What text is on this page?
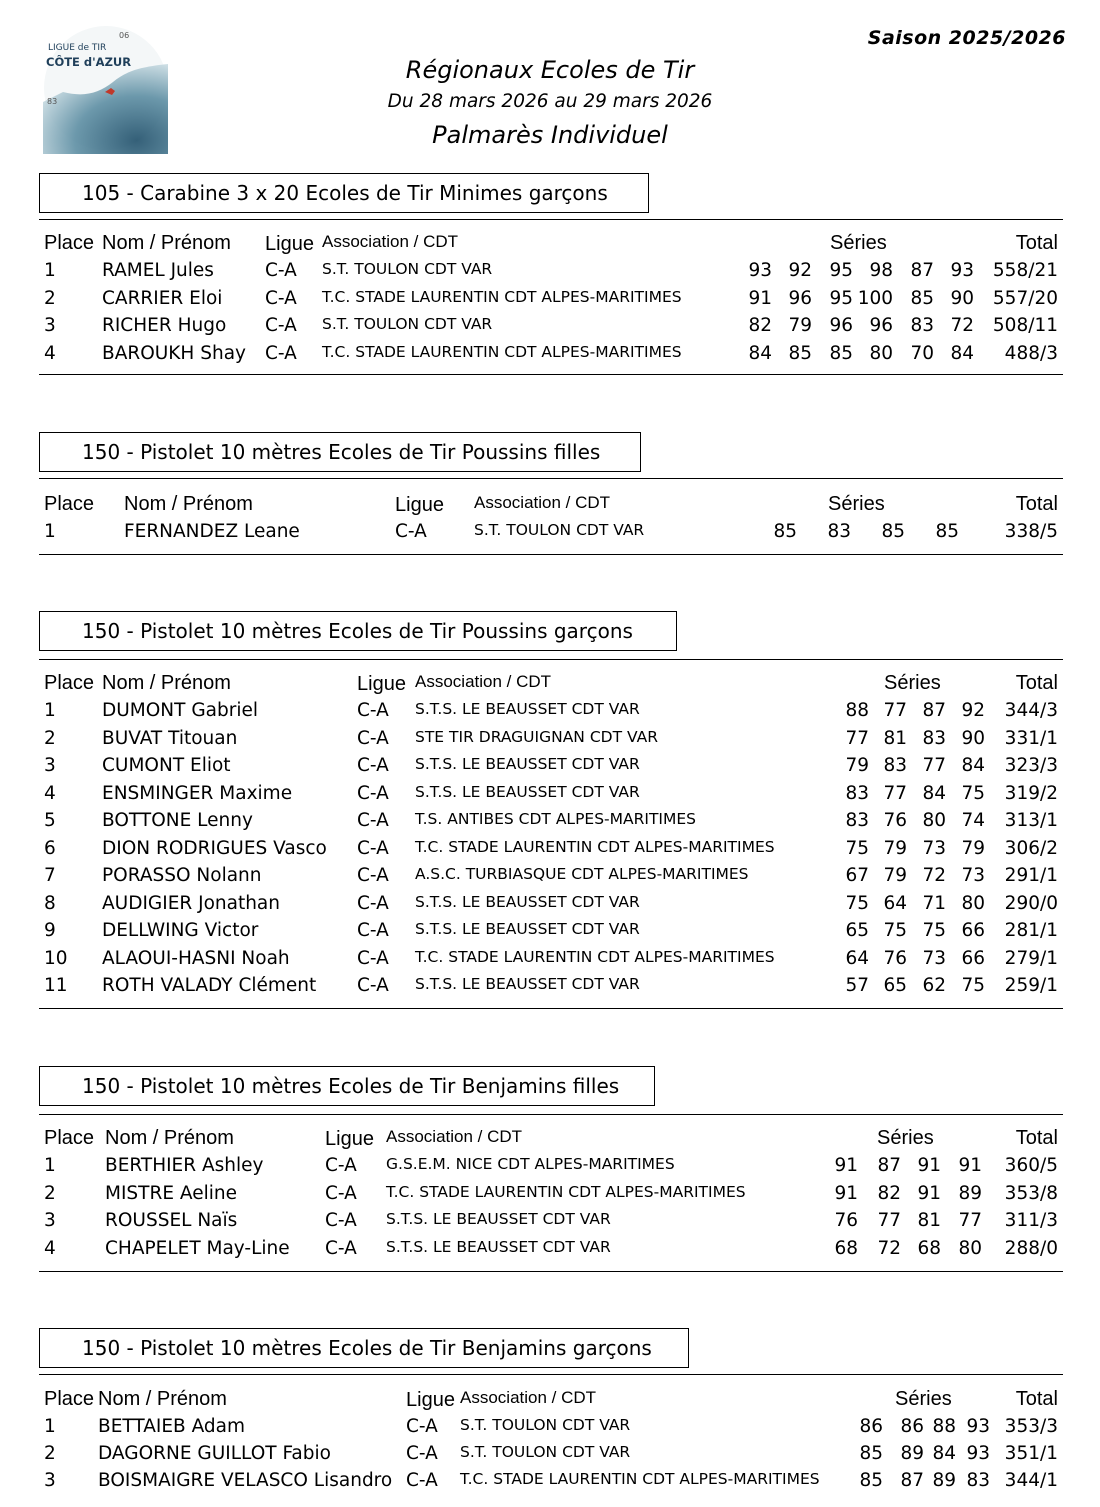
Saison 2025/2026
Régionaux Ecoles de Tir
Du 28 mars 2026 au 29 mars 2026
Palmarès Individuel
LIGUE de TIR
CÔTE d'AZUR
06
83
105 - Carabine 3 x 20 Ecoles de Tir Minimes garçons
Place Nom / Prénom Ligue Association / CDT	Séries	Total
1 RAMEL Jules	C-A S.T. TOULON CDT VAR	93 92 95 98 87 93 558/21
2 CARRIER Eloi C-A T.C. STADE LAURENTIN CDT ALPES-MARITIMES	91 96 95 100 85 90 557/20
3 RICHER Hugo C-A S.T. TOULON CDT VAR	82 79 96 96 83 72 508/11
4 BAROUKH Shay C-A T.C. STADE LAURENTIN CDT ALPES-MARITIMES	84 85 85 80 70 84 488/3
150 - Pistolet 10 mètres Ecoles de Tir Poussins filles
Place Nom / Prénom	Ligue Association / CDT	Séries	Total
1	FERNANDEZ Leane	C-A	S.T. TOULON CDT VAR	85 83 85 85 338/5
150 - Pistolet 10 mètres Ecoles de Tir Poussins garçons
Place Nom / Prénom	Ligue Association / CDT	Séries	Total
1 DUMONT Gabriel	C-A S.T.S. LE BEAUSSET CDT VAR	88 77 87 92 344/3
2 BUVAT Titouan	C-A STE TIR DRAGUIGNAN CDT VAR	77 81 83 90 331/1
3 CUMONT Eliot	C-A S.T.S. LE BEAUSSET CDT VAR	79 83 77 84 323/3
4 ENSMINGER Maxime	C-A S.T.S. LE BEAUSSET CDT VAR	83 77 84 75 319/2
5 BOTTONE Lenny	C-A T.S. ANTIBES CDT ALPES-MARITIMES	83 76 80 74 313/1
6 DION RODRIGUES Vasco C-A T.C. STADE LAURENTIN CDT ALPES-MARITIMES	75 79 73 79 306/2
7 PORASSO Nolann	C-A A.S.C. TURBIASQUE CDT ALPES-MARITIMES	67 79 72 73 291/1
8 AUDIGIER Jonathan	C-A S.T.S. LE BEAUSSET CDT VAR	75 64 71 80 290/0
9 DELLWING Victor	C-A S.T.S. LE BEAUSSET CDT VAR	65 75 75 66 281/1
10 ALAOUI-HASNI Noah	C-A T.C. STADE LAURENTIN CDT ALPES-MARITIMES	64 76 73 66 279/1
11 ROTH VALADY Clément C-A S.T.S. LE BEAUSSET CDT VAR	57 65 62 75 259/1
150 - Pistolet 10 mètres Ecoles de Tir Benjamins filles
Place Nom / Prénom	Ligue Association / CDT	Séries	Total
1	BERTHIER Ashley	C-A G.S.E.M. NICE CDT ALPES-MARITIMES	91 87 91 91 360/5
2	MISTRE Aeline	C-A T.C. STADE LAURENTIN CDT ALPES-MARITIMES	91 82 91 89 353/8
3	ROUSSEL Naïs	C-A S.T.S. LE BEAUSSET CDT VAR	76 77 81 77 311/3
4	CHAPELET May-Line C-A S.T.S. LE BEAUSSET CDT VAR	68 72 68 80 288/0
150 - Pistolet 10 mètres Ecoles de Tir Benjamins garçons
Place Nom / Prénom	Ligue Association / CDT	Séries	Total
1 BETTAIEB Adam	C-A S.T. TOULON CDT VAR	86 86 88 93 353/3
2 DAGORNE GUILLOT Fabio	C-A S.T. TOULON CDT VAR	85 89 84 93 351/1
3 BOISMAIGRE VELASCO Lisandro C-A T.C. STADE LAURENTIN CDT ALPES-MARITIMES 85 87 89 83 344/1
